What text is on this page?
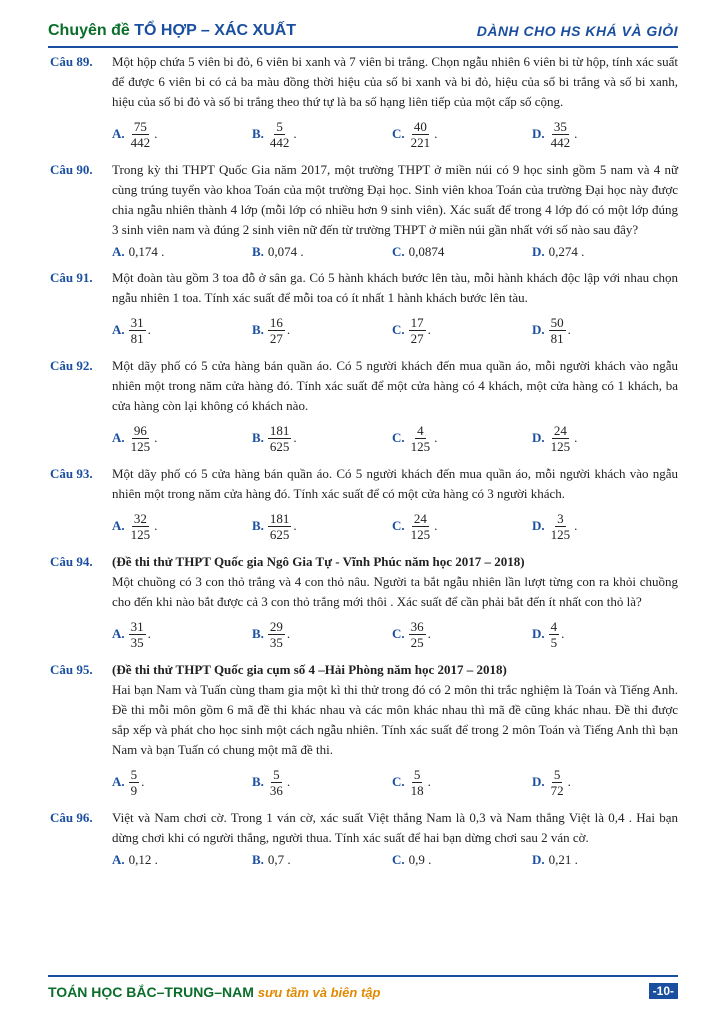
Chuyên đề TỔ HỢP – XÁC XUẤT	DÀNH CHO HS KHÁ VÀ GIỎI
Câu 89. Một hộp chứa 5 viên bi đỏ, 6 viên bi xanh và 7 viên bi trắng. Chọn ngẫu nhiên 6 viên bi từ hộp, tính xác suất để được 6 viên bi có cả ba màu đồng thời hiệu của số bi xanh và bi đỏ, hiệu của số bi trắng và số bi xanh, hiệu của số bi đỏ và số bi trắng theo thứ tự là ba số hạng liên tiếp của một cấp số cộng.
A. $\frac{75}{442}$ .	B. $\frac{5}{442}$ .	C. $\frac{40}{221}$ .	D. $\frac{35}{442}$ .
Câu 90. Trong kỳ thi THPT Quốc Gia năm 2017, một trường THPT ở miền núi có 9 học sinh gồm 5 nam và 4 nữ cùng trúng tuyển vào khoa Toán của một trường Đại học. Sinh viên khoa Toán của trường Đại học này được chia ngẫu nhiên thành 4 lớp (mỗi lớp có nhiều hơn 9 sinh viên). Xác suất để trong 4 lớp đó có một lớp đúng 3 sinh viên nam và đúng 2 sinh viên nữ đến từ trường THPT ở miền núi gần nhất với số nào sau đây?
A. 0,174 .	B. 0,074 .	C. 0,0874	D. 0,274 .
Câu 91. Một đoàn tàu gồm 3 toa đỗ ở sân ga. Có 5 hành khách bước lên tàu, mỗi hành khách độc lập với nhau chọn ngẫu nhiên 1 toa. Tính xác suất để mỗi toa có ít nhất 1 hành khách bước lên tàu.
A. $\frac{31}{81}$ .	B. $\frac{16}{27}$ .	C. $\frac{17}{27}$ .	D. $\frac{50}{81}$ .
Câu 92. Một dãy phố có 5 cửa hàng bán quần áo. Có 5 người khách đến mua quần áo, mỗi người khách vào ngẫu nhiên một trong năm cửa hàng đó. Tính xác suất để một cửa hàng có 4 khách, một cửa hàng có 1 khách, ba cửa hàng còn lại không có khách nào.
A. $\frac{96}{125}$ .	B. $\frac{181}{625}$ .	C. $\frac{4}{125}$ .	D. $\frac{24}{125}$ .
Câu 93. Một dãy phố có 5 cửa hàng bán quần áo. Có 5 người khách đến mua quần áo, mỗi người khách vào ngẫu nhiên một trong năm cửa hàng đó. Tính xác suất để có một cửa hàng có 3 người khách.
A. $\frac{32}{125}$ .	B. $\frac{181}{625}$ .	C. $\frac{24}{125}$ .	D. $\frac{3}{125}$ .
Câu 94. (Đề thi thử THPT Quốc gia Ngô Gia Tự - Vĩnh Phúc năm học 2017 – 2018)
Một chuồng có 3 con thỏ trắng và 4 con thỏ nâu. Người ta bắt ngẫu nhiên lần lượt từng con ra khỏi chuồng cho đến khi nào bắt được cả 3 con thỏ trắng mới thôi . Xác suất để cần phải bắt đến ít nhất con thỏ là?
A. $\frac{31}{35}$ .	B. $\frac{29}{35}$ .	C. $\frac{36}{25}$ .	D. $\frac{4}{5}$ .
Câu 95. (Đề thi thử THPT Quốc gia cụm số 4 –Hải Phòng năm học 2017 – 2018)
Hai bạn Nam và Tuấn cùng tham gia một kì thi thử trong đó có 2 môn thi trắc nghiệm là Toán và Tiếng Anh. Đề thi mỗi môn gồm 6 mã đề thi khác nhau và các môn khác nhau thì mã đề cũng khác nhau. Đề thi được sắp xếp và phát cho học sinh một cách ngẫu nhiên. Tính xác suất để trong 2 môn Toán và Tiếng Anh thì bạn Nam và bạn Tuấn có chung một mã đề thi.
A. $\frac{5}{9}$ .	B. $\frac{5}{36}$ .	C. $\frac{5}{18}$ .	D. $\frac{5}{72}$ .
Câu 96. Việt và Nam chơi cờ. Trong 1 ván cờ, xác suất Việt thắng Nam là 0,3 và Nam thắng Việt là 0,4 . Hai bạn dừng chơi khi có người thắng, người thua. Tính xác suất để hai bạn dừng chơi sau 2 ván cờ.
A. 0,12 .	B. 0,7 .	C. 0,9 .	D. 0,21 .
TOÁN HỌC BẮC–TRUNG–NAM sưu tầm và biên tập	-10-
